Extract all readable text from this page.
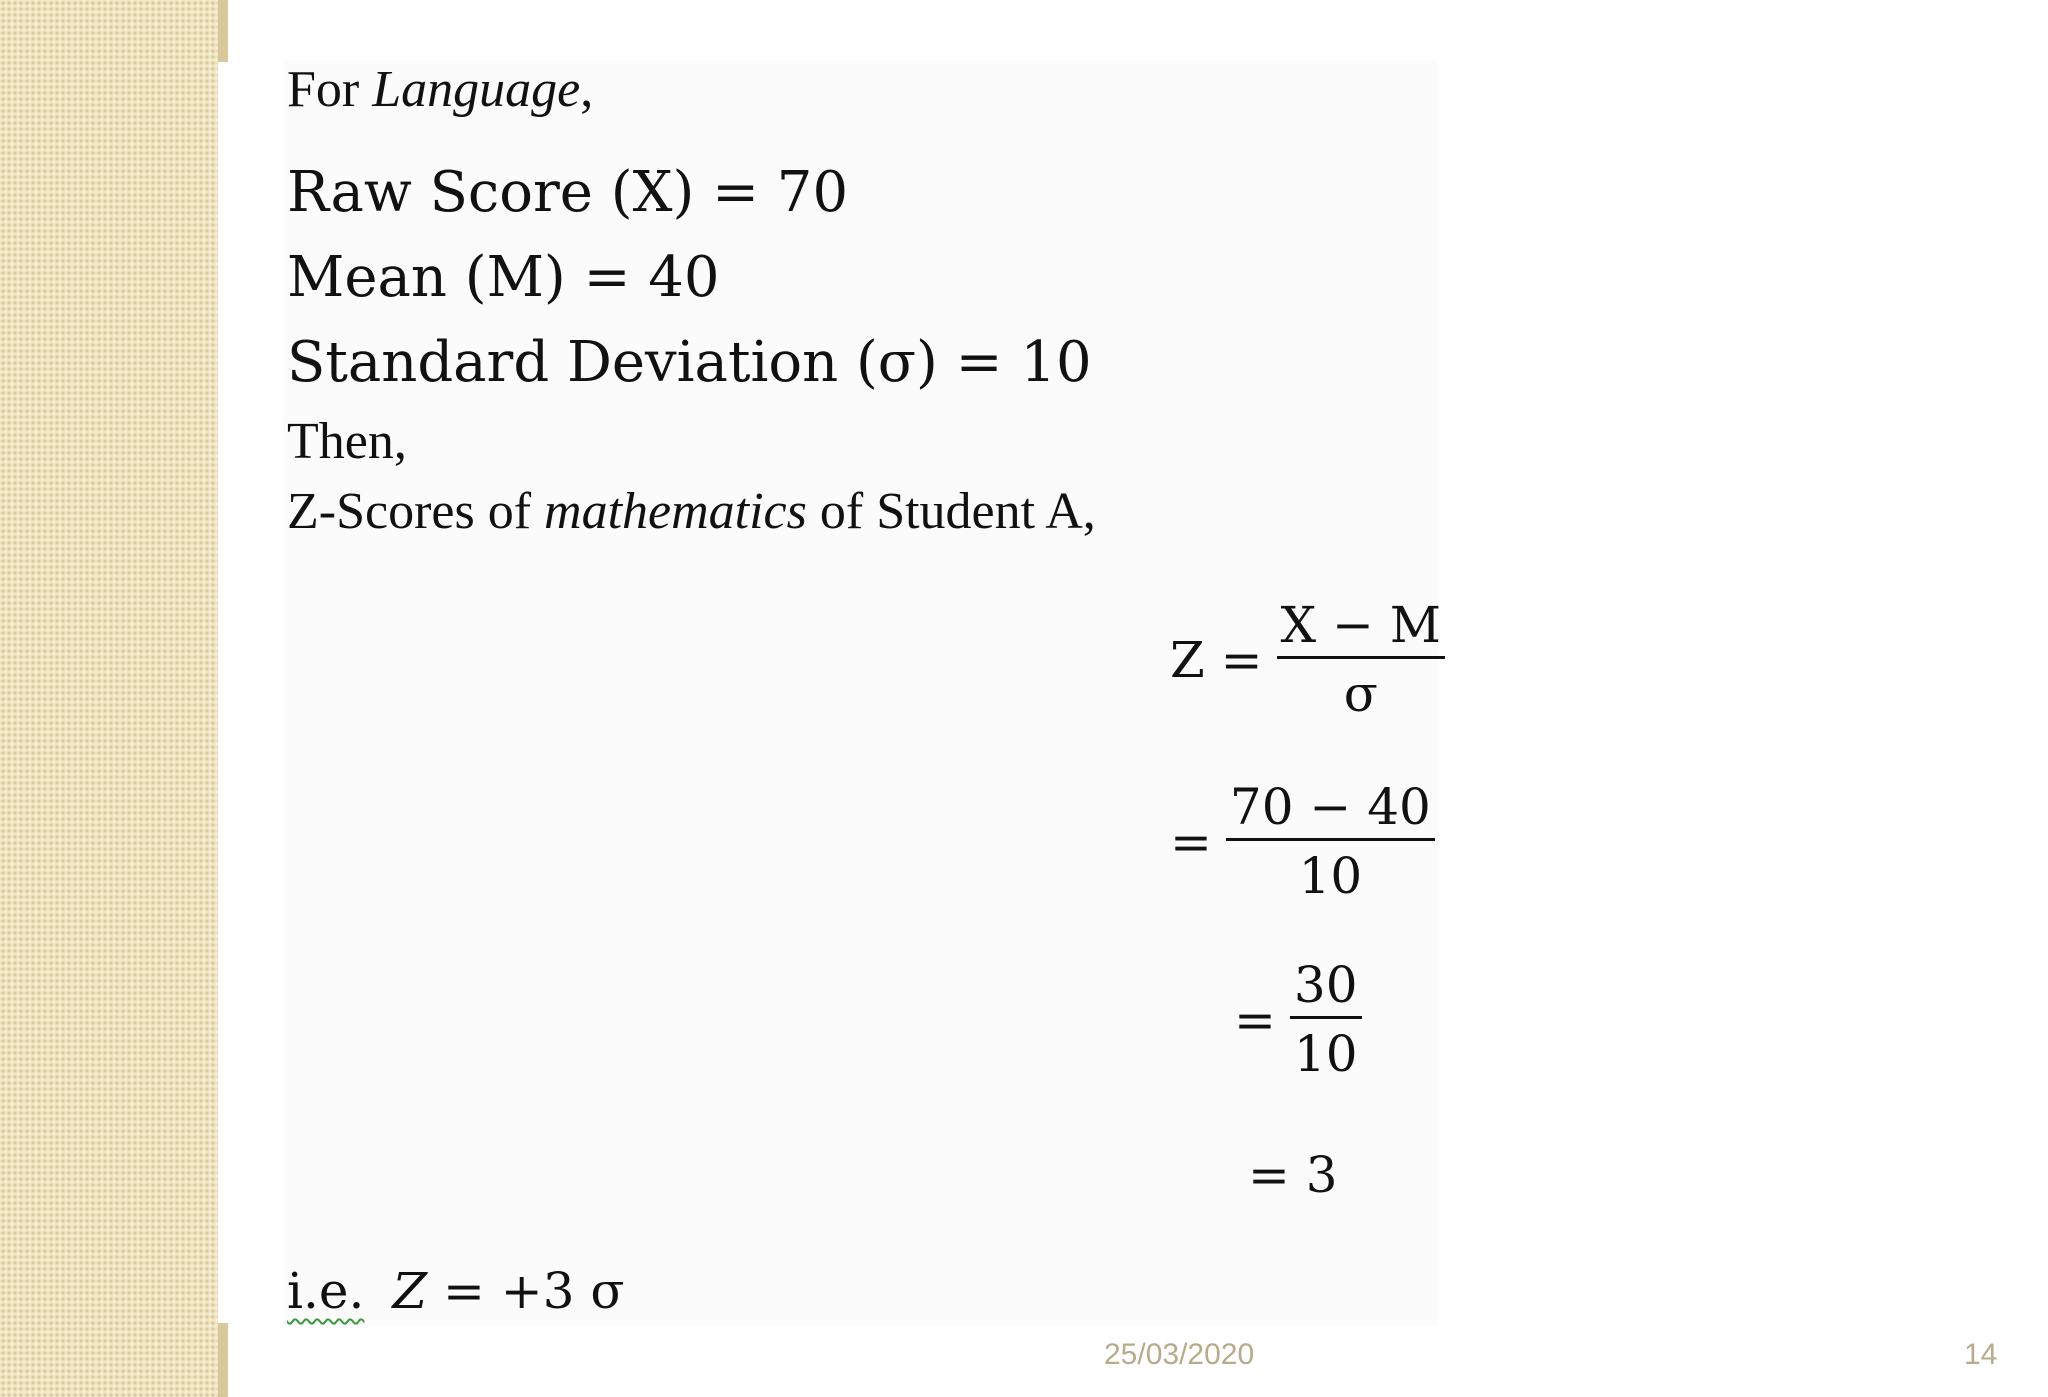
For Language,
Raw Score (X) = 70
Mean (M) = 40
Standard Deviation (σ) = 10
Then,
Z-Scores of mathematics of Student A,
$Z = \frac{X - M}{\sigma}$
= $\frac{70 - 40}{10}$
= $\frac{30}{10}$
= 3
i.e. Z = +3 σ
25/03/2020	14
